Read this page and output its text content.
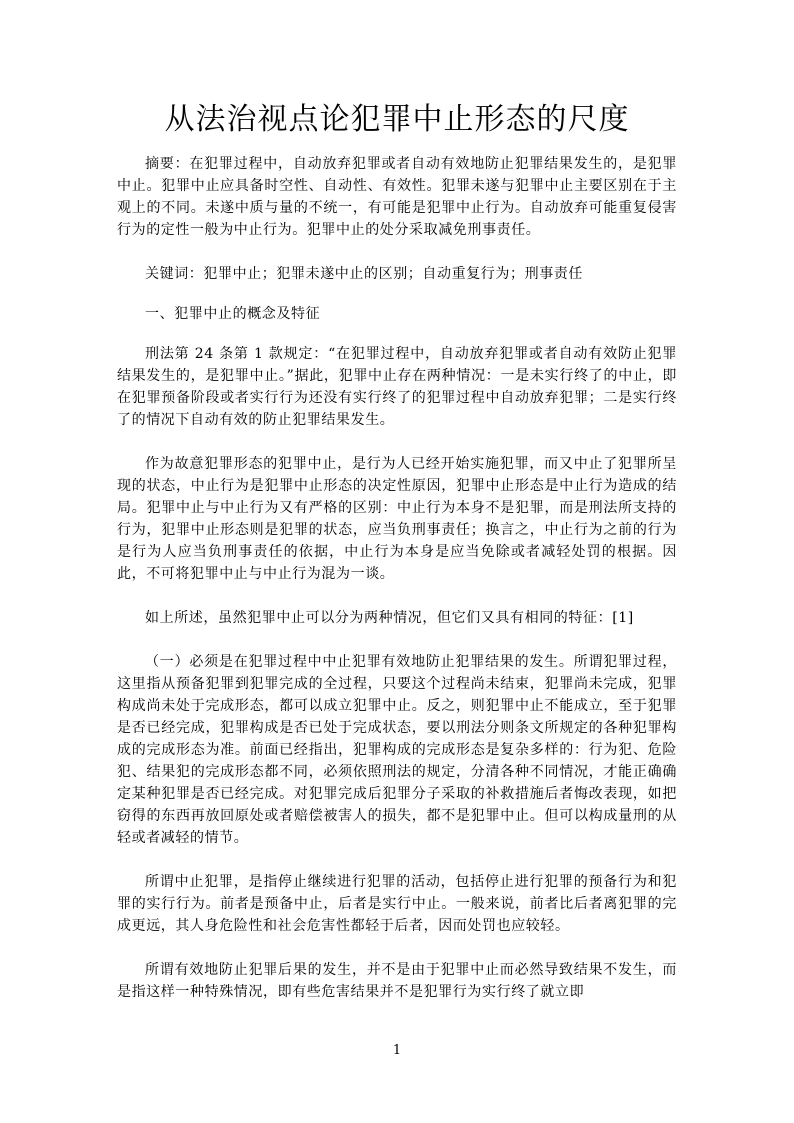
从法治视点论犯罪中止形态的尺度

摘要：在犯罪过程中，自动放弃犯罪或者自动有效地防止犯罪结果发生的，是犯罪中止。犯罪中止应具备时空性、自动性、有效性。犯罪未遂与犯罪中止主要区别在于主观上的不同。未遂中质与量的不统一，有可能是犯罪中止行为。自动放弃可能重复侵害行为的定性一般为中止行为。犯罪中止的处分采取减免刑事责任。

关键词：犯罪中止；犯罪未遂中止的区别；自动重复行为；刑事责任

一、犯罪中止的概念及特征

刑法第 24 条第 1 款规定：“在犯罪过程中，自动放弃犯罪或者自动有效防止犯罪结果发生的，是犯罪中止。”据此，犯罪中止存在两种情况：一是未实行终了的中止，即在犯罪预备阶段或者实行行为还没有实行终了的犯罪过程中自动放弃犯罪；二是实行终了的情况下自动有效的防止犯罪结果发生。

作为故意犯罪形态的犯罪中止，是行为人已经开始实施犯罪，而又中止了犯罪所呈现的状态，中止行为是犯罪中止形态的决定性原因，犯罪中止形态是中止行为造成的结局。犯罪中止与中止行为又有严格的区别：中止行为本身不是犯罪，而是刑法所支持的行为，犯罪中止形态则是犯罪的状态，应当负刑事责任；换言之，中止行为之前的行为是行为人应当负刑事责任的依据，中止行为本身是应当免除或者减轻处罚的根据。因此，不可将犯罪中止与中止行为混为一谈。

如上所述，虽然犯罪中止可以分为两种情况，但它们又具有相同的特征：[1]

（一）必须是在犯罪过程中中止犯罪有效地防止犯罪结果的发生。所谓犯罪过程，这里指从预备犯罪到犯罪完成的全过程，只要这个过程尚未结束，犯罪尚未完成，犯罪构成尚未处于完成形态，都可以成立犯罪中止。反之，则犯罪中止不能成立，至于犯罪是否已经完成，犯罪构成是否已处于完成状态，要以刑法分则条文所规定的各种犯罪构成的完成形态为准。前面已经指出，犯罪构成的完成形态是复杂多样的：行为犯、危险犯、结果犯的完成形态都不同，必须依照刑法的规定，分清各种不同情况，才能正确确定某种犯罪是否已经完成。对犯罪完成后犯罪分子采取的补救措施后者悔改表现，如把窃得的东西再放回原处或者赔偿被害人的损失，都不是犯罪中止。但可以构成量刑的从轻或者减轻的情节。

所谓中止犯罪，是指停止继续进行犯罪的活动，包括停止进行犯罪的预备行为和犯罪的实行行为。前者是预备中止，后者是实行中止。一般来说，前者比后者离犯罪的完成更远，其人身危险性和社会危害性都轻于后者，因而处罚也应较轻。

所谓有效地防止犯罪后果的发生，并不是由于犯罪中止而必然导致结果不发生，而是指这样一种特殊情况，即有些危害结果并不是犯罪行为实行终了就立即

1
